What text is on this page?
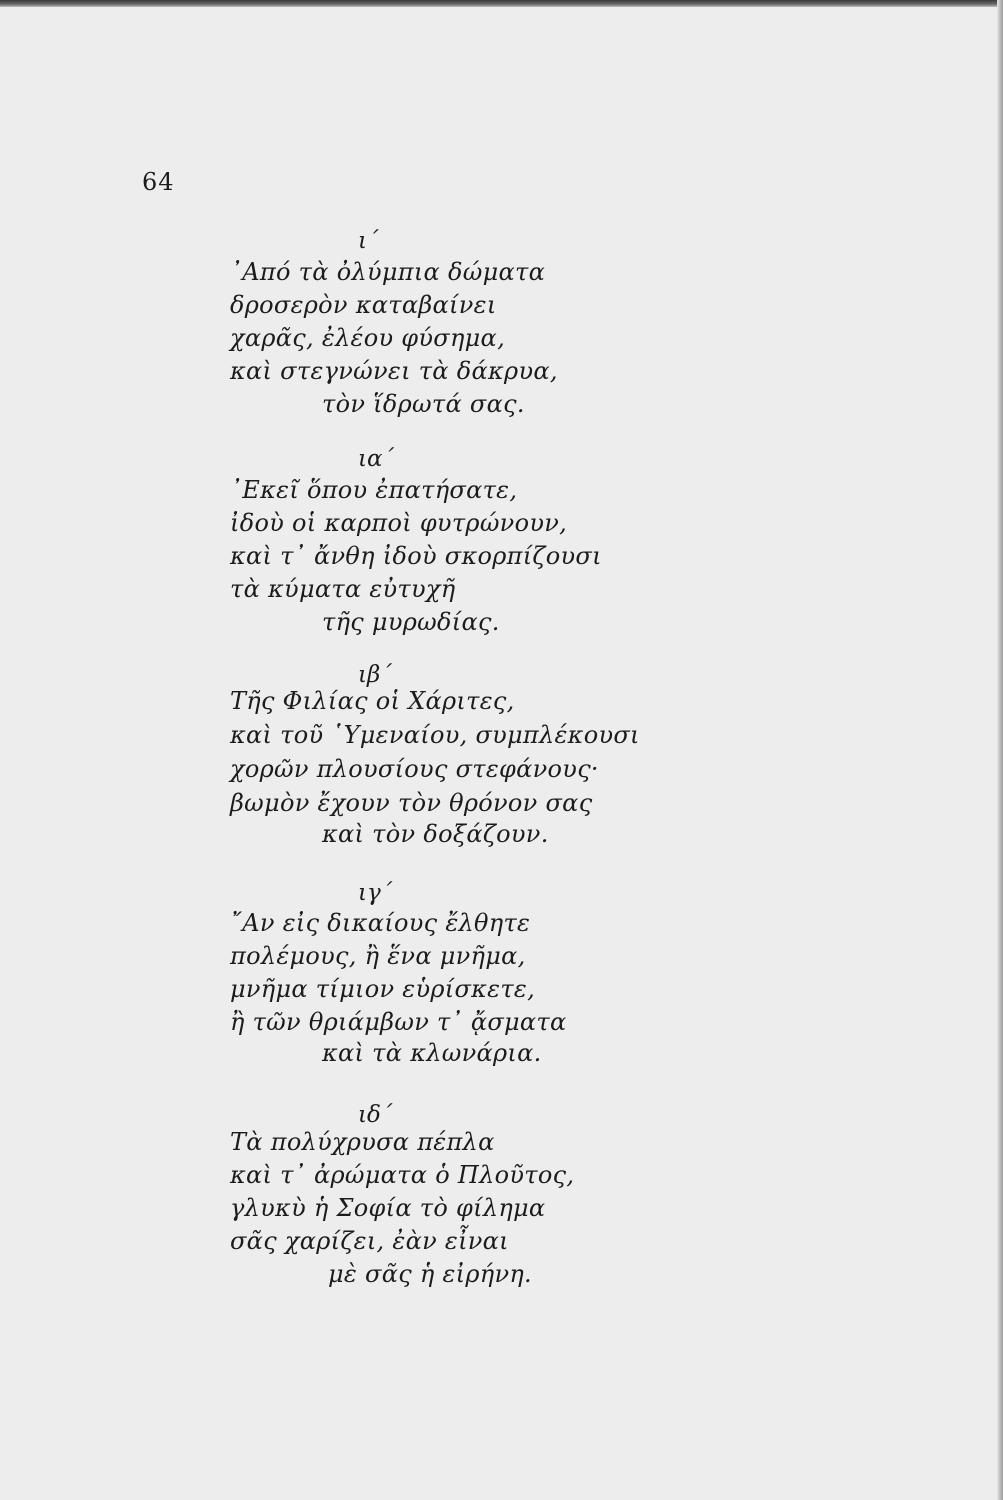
64
ι΄
᾿Από τὰ ὀλύμπια δώματα
δροσερὸν καταβαίνει
χαρᾶς, ἐλέου φύσημα,
καὶ στεγνώνει τὰ δάκρυα,
τὸν ἵδρωτά σας.
ια΄
᾿Εκεῖ ὅπου ἐπατήσατε,
ἰδοὺ οἱ καρποὶ φυτρώνουν,
καὶ τ᾿ ἄνθη ἰδοὺ σκορπίζουσι
τὰ κύματα εὐτυχῆ
τῆς μυρωδίας.
ιβ΄
Τῆς Φιλίας οἱ Χάριτες,
καὶ τοῦ ῾Υμεναίου, συμπλέκουσι
χορῶν πλουσίους στεφάνους·
βωμὸν ἔχουν τὸν θρόνον σας
καὶ τὸν δοξάζουν.
ιγ΄
῎Αν εἰς δικαίους ἔλθητε
πολέμους, ἢ ἕνα μνῆμα,
μνῆμα τίμιον εὑρίσκετε,
ἢ τῶν θριάμβων τ᾿ ᾄσματα
καὶ τὰ κλωνάρια.
ιδ΄
Τὰ πολύχρυσα πέπλα
καὶ τ᾿ ἀρώματα ὁ Πλοῦτος,
γλυκὺ ἡ Σοφία τὸ φίλημα
σᾶς χαρίζει, ἐὰν εἶναι
μὲ σᾶς ἡ εἰρήνη.
